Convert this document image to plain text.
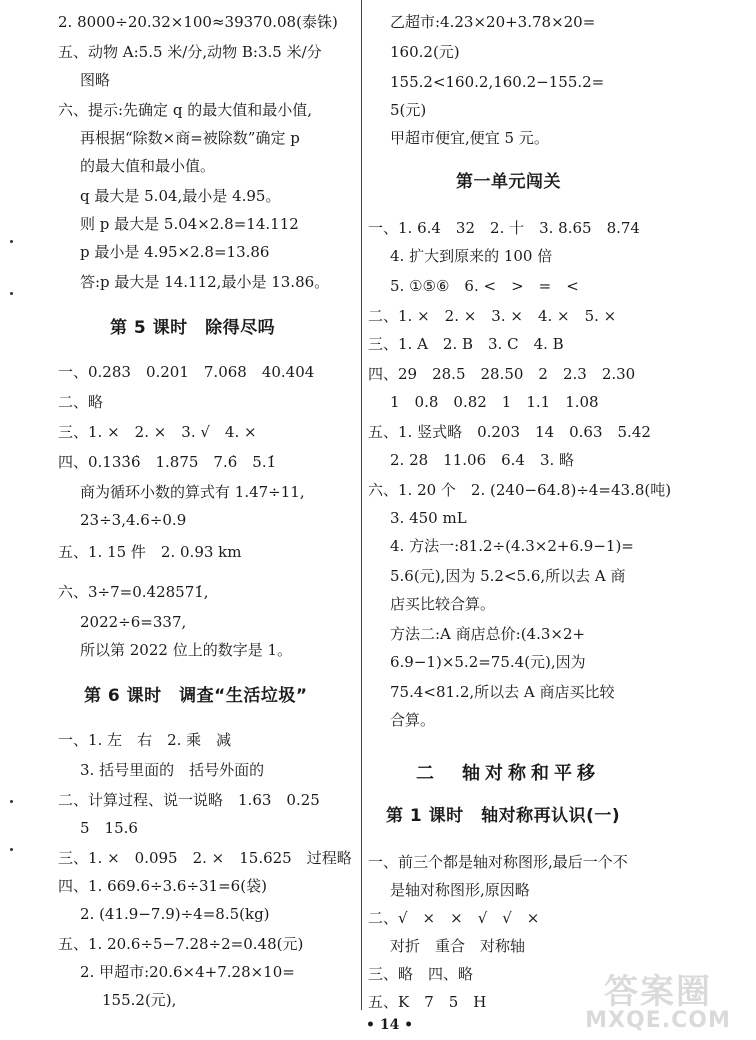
2. 8000÷20.32×100≈39370.08(泰铢)
五、动物 A:5.5 米/分,动物 B:3.5 米/分
图略
六、提示:先确定 q 的最大值和最小值,
再根据“除数×商=被除数”确定 p
的最大值和最小值。
q 最大是 5.04,最小是 4.95。
则 p 最大是 5.04×2.8=14.112
p 最小是 4.95×2.8=13.86
答:p 最大是 14.112,最小是 13.86。
一、0.283　0.201　7.068　40.404
二、略
三、1. ×　2. ×　3. √　4. ×
四、0.133̇6̇　1.875　7.6̇　5.1̇
商为循环小数的算式有 1.47÷11,
23÷3,4.6÷0.9
五、1. 15 件　2. 0.93 km
六、3÷7=0.4̇28571̇,
2022÷6=337,
所以第 2022 位上的数字是 1。
一、1. 左　右　2. 乘　减
3. 括号里面的　括号外面的
二、计算过程、说一说略　1.63　0.25
5　15.6
三、1. ×　0.095　2. ×　15.625　过程略
四、1. 669.6÷3.6÷31=6(袋)
2. (41.9−7.9)÷4=8.5(kg)
五、1. 20.6÷5−7.28÷2=0.48(元)
2. 甲超市:20.6×4+7.28×10=
155.2(元),
第 5 课时　除得尽吗
第 6 课时　调查“生活垃圾”
乙超市:4.23×20+3.78×20=
160.2(元)
155.2<160.2,160.2−155.2=
5(元)
甲超市便宜,便宜 5 元。
一、1. 6.4　32　2. 十　3. 8.65　8.74
4. 扩大到原来的 100 倍
5. ①⑤⑥　6. <　>　=　<
二、1. ×　2. ×　3. ×　4. ×　5. ×
三、1. A　2. B　3. C　4. B
四、29　28.5　28.50　2　2.3　2.30
1　0.8　0.82　1　1.1　1.08
五、1. 竖式略　0.203　14　0.63　5.42
2. 28　11.06　6.4　3. 略
六、1. 20 个　2. (240−64.8)÷4=43.8(吨)
3. 450 mL
4. 方法一:81.2÷(4.3×2+6.9−1)=
5.6(元),因为 5.2<5.6,所以去 A 商
店买比较合算。
方法二:A 商店总价:(4.3×2+
6.9−1)×5.2=75.4(元),因为
75.4<81.2,所以去 A 商店买比较
合算。
一、前三个都是轴对称图形,最后一个不
是轴对称图形,原因略
二、√　×　×　√　√　×
对折　重合　对称轴
三、略　四、略
五、K　7　5　H
第一单元闯关
二　轴对称和平移
第 1 课时　轴对称再认识(一)
• 14 •
答案圈
MXQE.COM
